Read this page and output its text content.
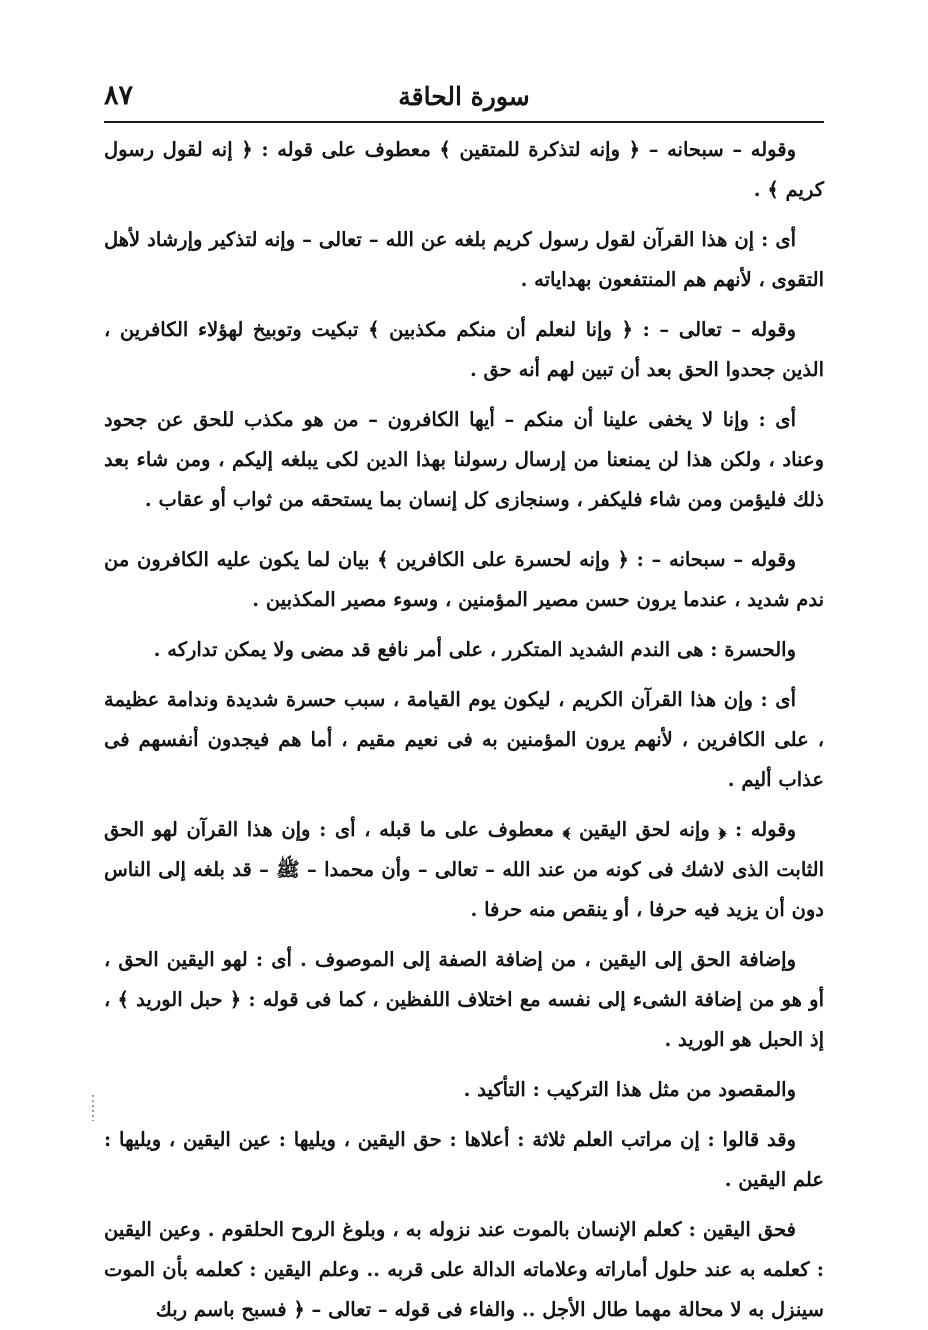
٨٧	سورة الحاقة

وقوله – سبحانه – ﴿ وإنه لتذكرة للمتقين ﴾ معطوف على قوله : ﴿ إنه لقول رسول كريم ﴾ .

أى : إن هذا القرآن لقول رسول كريم بلغه عن الله – تعالى – وإنه لتذكير وإرشاد لأهل التقوى ، لأنهم هم المنتفعون بهداياته .

وقوله – تعالى – : ﴿ وإنا لنعلم أن منكم مكذبين ﴾ تبكيت وتوبيخ لهؤلاء الكافرين ، الذين جحدوا الحق بعد أن تبين لهم أنه حق .

أى : وإنا لا يخفى علينا أن منكم – أيها الكافرون – من هو مكذب للحق عن جحود وعناد ، ولكن هذا لن يمنعنا من إرسال رسولنا بهذا الدين لكى يبلغه إليكم ، ومن شاء بعد ذلك فليؤمن ومن شاء فليكفر ، وسنجازى كل إنسان بما يستحقه من ثواب أو عقاب .

وقوله – سبحانه – : ﴿ وإنه لحسرة على الكافرين ﴾ بيان لما يكون عليه الكافرون من ندم شديد ، عندما يرون حسن مصير المؤمنين ، وسوء مصير المكذبين .

والحسرة : هى الندم الشديد المتكرر ، على أمر نافع قد مضى ولا يمكن تداركه .

أى : وإن هذا القرآن الكريم ، ليكون يوم القيامة ، سبب حسرة شديدة وندامة عظيمة ، على الكافرين ، لأنهم يرون المؤمنين به فى نعيم مقيم ، أما هم فيجدون أنفسهم فى عذاب أليم .

وقوله : ﴿ وإنه لحق اليقين ﴾ معطوف على ما قبله ، أى : وإن هذا القرآن لهو الحق الثابت الذى لاشك فى كونه من عند الله – تعالى – وأن محمدا – ﷺ – قد بلغه إلى الناس دون أن يزيد فيه حرفا ، أو ينقص منه حرفا .

وإضافة الحق إلى اليقين ، من إضافة الصفة إلى الموصوف . أى : لهو اليقين الحق ، أو هو من إضافة الشىء إلى نفسه مع اختلاف اللفظين ، كما فى قوله : ﴿ حبل الوريد ﴾ ، إذ الحبل هو الوريد .

والمقصود من مثل هذا التركيب : التأكيد .

وقد قالوا : إن مراتب العلم ثلاثة : أعلاها : حق اليقين ، ويليها : عين اليقين ، ويليها : علم اليقين .

فحق اليقين : كعلم الإنسان بالموت عند نزوله به ، وبلوغ الروح الحلقوم . وعين اليقين : كعلمه به عند حلول أماراته وعلاماته الدالة على قربه .. وعلم اليقين : كعلمه بأن الموت سينزل به لا محالة مهما طال الأجل .. والفاء فى قوله – تعالى – ﴿ فسبح باسم ربك
